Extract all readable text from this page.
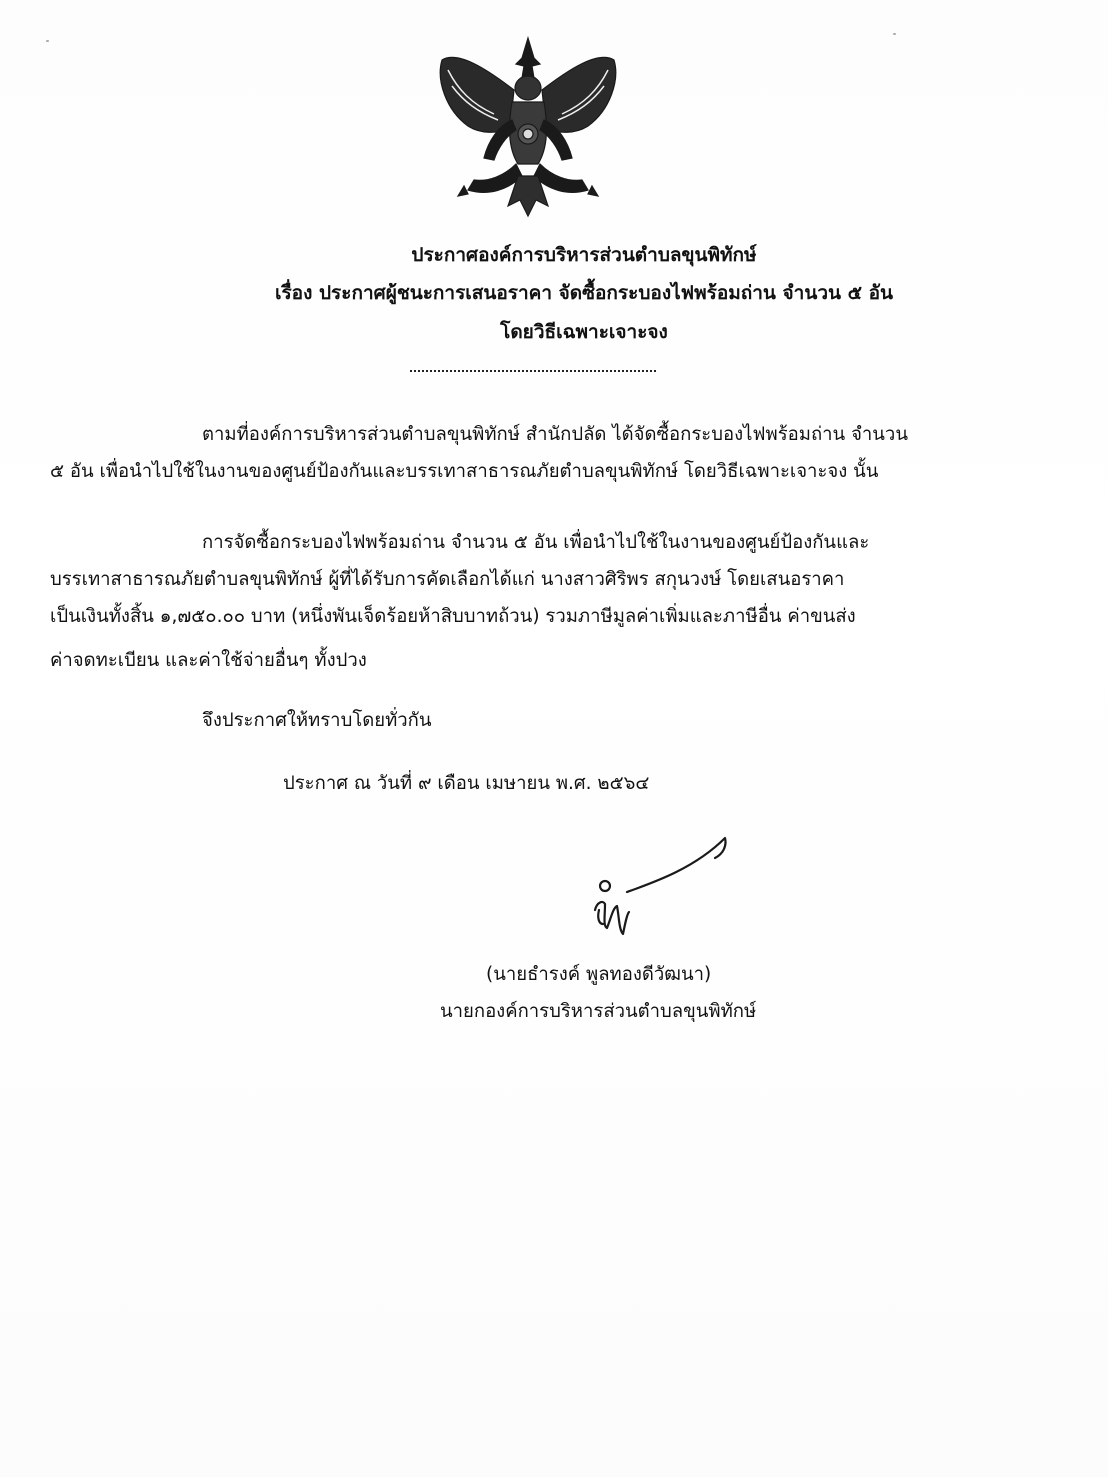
ประกาศองค์การบริหารส่วนตำบลขุนพิทักษ์
เรื่อง ประกาศผู้ชนะการเสนอราคา จัดซื้อกระบองไฟพร้อมถ่าน จำนวน ๕ อัน
โดยวิธีเฉพาะเจาะจง
ตามที่องค์การบริหารส่วนตำบลขุนพิทักษ์ สำนักปลัด ได้จัดซื้อกระบองไฟพร้อมถ่าน จำนวน
๕ อัน เพื่อนำไปใช้ในงานของศูนย์ป้องกันและบรรเทาสาธารณภัยตำบลขุนพิทักษ์ โดยวิธีเฉพาะเจาะจง นั้น
การจัดซื้อกระบองไฟพร้อมถ่าน จำนวน ๕ อัน เพื่อนำไปใช้ในงานของศูนย์ป้องกันและ
บรรเทาสาธารณภัยตำบลขุนพิทักษ์ ผู้ที่ได้รับการคัดเลือกได้แก่ นางสาวศิริพร สกุนวงษ์ โดยเสนอราคา
เป็นเงินทั้งสิ้น ๑,๗๕๐.๐๐ บาท (หนึ่งพันเจ็ดร้อยห้าสิบบาทถ้วน) รวมภาษีมูลค่าเพิ่มและภาษีอื่น ค่าขนส่ง
ค่าจดทะเบียน และค่าใช้จ่ายอื่นๆ ทั้งปวง
จึงประกาศให้ทราบโดยทั่วกัน
ประกาศ ณ วันที่ ๙ เดือน เมษายน พ.ศ. ๒๕๖๔
(นายธำรงค์ พูลทองดีวัฒนา)
นายกองค์การบริหารส่วนตำบลขุนพิทักษ์
